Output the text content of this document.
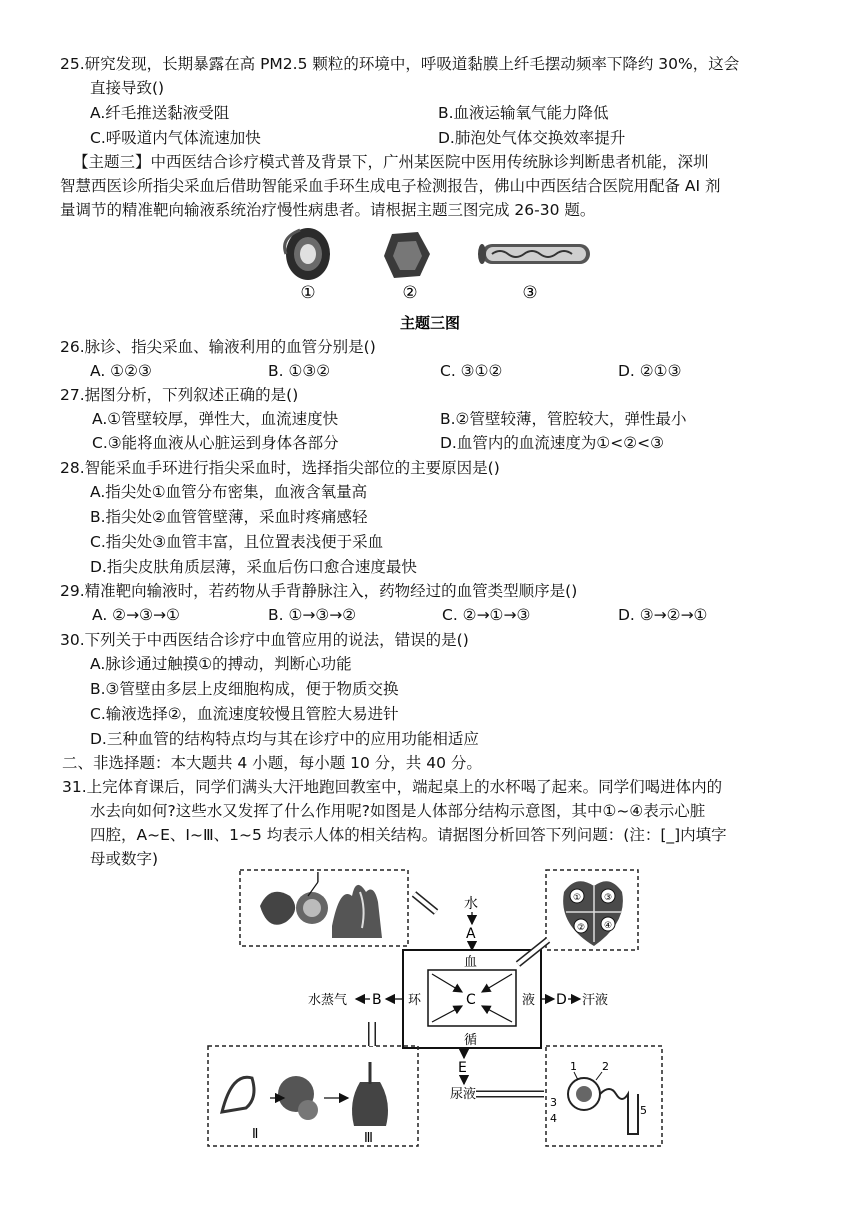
25.研究发现，长期暴露在高 PM2.5 颗粒的环境中，呼吸道黏膜上纤毛摆动频率下降约 30%，这会
直接导致()
A.纤毛推送黏液受阻	B.血液运输氧气能力降低
C.呼吸道内气体流速加快	D.肺泡处气体交换效率提升
【主题三】中西医结合诊疗模式普及背景下，广州某医院中医用传统脉诊判断患者机能，深圳
智慧西医诊所指尖采血后借助智能采血手环生成电子检测报告，佛山中西医结合医院用配备 AI 剂
量调节的精准靶向输液系统治疗慢性病患者。请根据主题三图完成 26-30 题。
①	②	③
主题三图
26.脉诊、指尖采血、输液利用的血管分别是()
A. ①②③	B. ①③②	C. ③①②	D. ②①③
27.据图分析，下列叙述正确的是()
A.①管壁较厚，弹性大，血流速度快	B.②管壁较薄，管腔较大，弹性最小
C.③能将血液从心脏运到身体各部分	D.血管内的血流速度为①<②<③
28.智能采血手环进行指尖采血时，选择指尖部位的主要原因是()
A.指尖处①血管分布密集，血液含氧量高
B.指尖处②血管管壁薄，采血时疼痛感轻
C.指尖处③血管丰富，且位置表浅便于采血
D.指尖皮肤角质层薄，采血后伤口愈合速度最快
29.精准靶向输液时，若药物从手背静脉注入，药物经过的血管类型顺序是()
A. ②→③→①	B. ①→③→②	C. ②→①→③	D. ③→②→①
30.下列关于中西医结合诊疗中血管应用的说法，错误的是()
A.脉诊通过触摸①的搏动，判断心功能
B.③管壁由多层上皮细胞构成，便于物质交换
C.输液选择②，血流速度较慢且管腔大易进针
D.三种血管的结构特点均与其在诊疗中的应用功能相适应
二、非选择题：本大题共 4 小题，每小题 10 分，共 40 分。
31.上完体育课后，同学们满头大汗地跑回教室中，端起桌上的水杯喝了起来。同学们喝进体内的
水去向如何?这些水又发挥了什么作用呢?如图是人体部分结构示意图，其中①~④表示心脏
四腔，A~E、Ⅰ~Ⅲ、1~5 均表示人体的相关结构。请据图分析回答下列问题：(注：[_]内填字
母或数字)
Ⅰ
水
A
C
血
环	液
循
水蒸气 B	D 汗液
E
尿液
①	③
② ④
Ⅱ	Ⅲ
1 2
3
4
5
